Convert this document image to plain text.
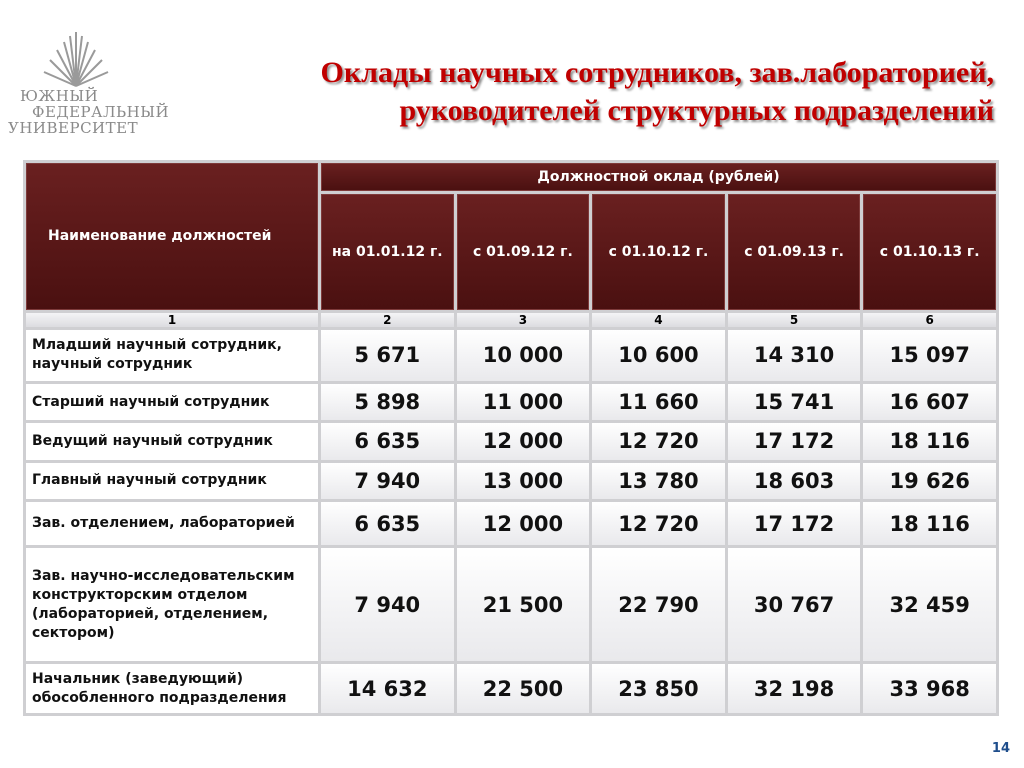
ЮЖНЫЙ
ФЕДЕРАЛЬНЫЙ
УНИВЕРСИТЕТ
Оклады научных сотрудников, зав.лабораторией,
руководителей структурных подразделений
Наименование должностей	Должностной оклад (рублей)				
	на 01.01.12 г.	с 01.09.12 г.	с 01.10.12 г.	с 01.09.13 г.	с 01.10.13 г.
1	2	3	4	5	6
Младший научный сотрудник, научный сотрудник	5 671	10 000	10 600	14 310	15 097
Старший научный сотрудник	5 898	11 000	11 660	15 741	16 607
Ведущий научный сотрудник	6 635	12 000	12 720	17 172	18 116
Главный научный сотрудник	7 940	13 000	13 780	18 603	19 626
Зав. отделением, лабораторией	6 635	12 000	12 720	17 172	18 116
Зав. научно-исследовательским конструкторским отделом (лабораторией, отделением, сектором)	7 940	21 500	22 790	30 767	32 459
Начальник (заведующий) обособленного подразделения	14 632	22 500	23 850	32 198	33 968
14
